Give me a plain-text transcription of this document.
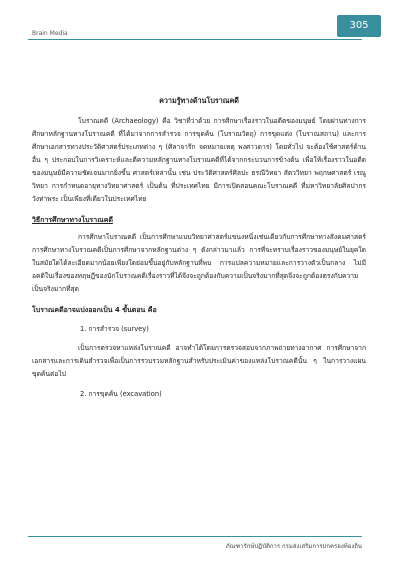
Brain Media
305
ความรู้ทางด้านโบราณคดี

โบราณคดี (Archaeology) คือ วิชาที่ว่าด้วย การศึกษาเรื่องราวในอดีตของมนุษย์ โดยผ่านทางการศึกษาหลักฐานทางโบราณคดี ที่ได้มาจากการสำรวจ การขุดค้น (โบราณวัตถุ) การขุดแต่ง (โบราณสถาน) และการศึกษาเอกสารทางประวัติศาสตร์ประเภทต่าง ๆ (ศิลาจารึก จดหมายเหตุ พงศาวดาร) โดยทั่วไป จะต้องใช้ศาสตร์ด้านอื่น ๆ ประกอบในการวิเคราะห์และตีความหลักฐานทางโบราณคดีที่ได้จากกระบวนการข้างต้น เพื่อให้เรื่องราวในอดีตของมนุษย์มีความชัดเจนมากยิ่งขึ้น ศาสตร์เหล่านั้น เช่น ประวัติศาสตร์ศิลปะ ธรณีวิทยา สัตววิทยา พฤกษศาสตร์ เรณูวิทยา การกำหนดอายุทางวิทยาศาสตร์ เป็นต้น ที่ประเทศไทย มีการเปิดสอนคณะโบราณคดี ที่มหาวิทยาลัยศิลปากร วังท่าพระ เป็นเพียงที่เดียวในประเทศไทย

วิธีการศึกษาทางโบราณคดี

การศึกษาโบราณคดี เป็นการศึกษาแบบวิทยาศาสตร์แขนงหนึ่งเช่นเดียวกับการศึกษาทางสังคมศาสตร์ การศึกษาทางโบราณคดีเป็นการศึกษาจากหลักฐานต่าง ๆ ดังกล่าวมาแล้ว การที่จะทราบเรื่องราวของมนุษย์ในยุคใดในสมัยใดได้ละเอียดมากน้อยเพียงใดย่อมขึ้นอยู่กับหลักฐานที่พบ การแปลความหมายและการวางตัวเป็นกลาง ไม่มีอคติในเรื่องของทฤษฎีของนักโบราณคดีเรื่องราวที่ได้จึงจะถูกต้องกับความเป็นจริงมากที่สุดจึงจะถูกต้องตรงกับความเป็นจริงมากที่สุด

โบราณคดีอาจแบ่งออกเป็น 4 ขั้นตอน คือ
1. การสำรวจ (survey)

เป็นการตรวจหาแหล่งโบราณคดี อาจทำได้โดยการตรวจสอบจากภาพถ่ายทางอากาศ การศึกษาจากเอกสารและการเดินสำรวจเพื่อเป็นการรวบรวมหลักฐานสำหรับประเมินค่าของแหล่งโบราณคดีนั้น ๆ ในการวางแผนขุดค้นต่อไป

2. การขุดค้น (excavation)
ภัณฑารักษ์ปฏิบัติการ กรมส่งเสริมการปกครองท้องถิ่น
